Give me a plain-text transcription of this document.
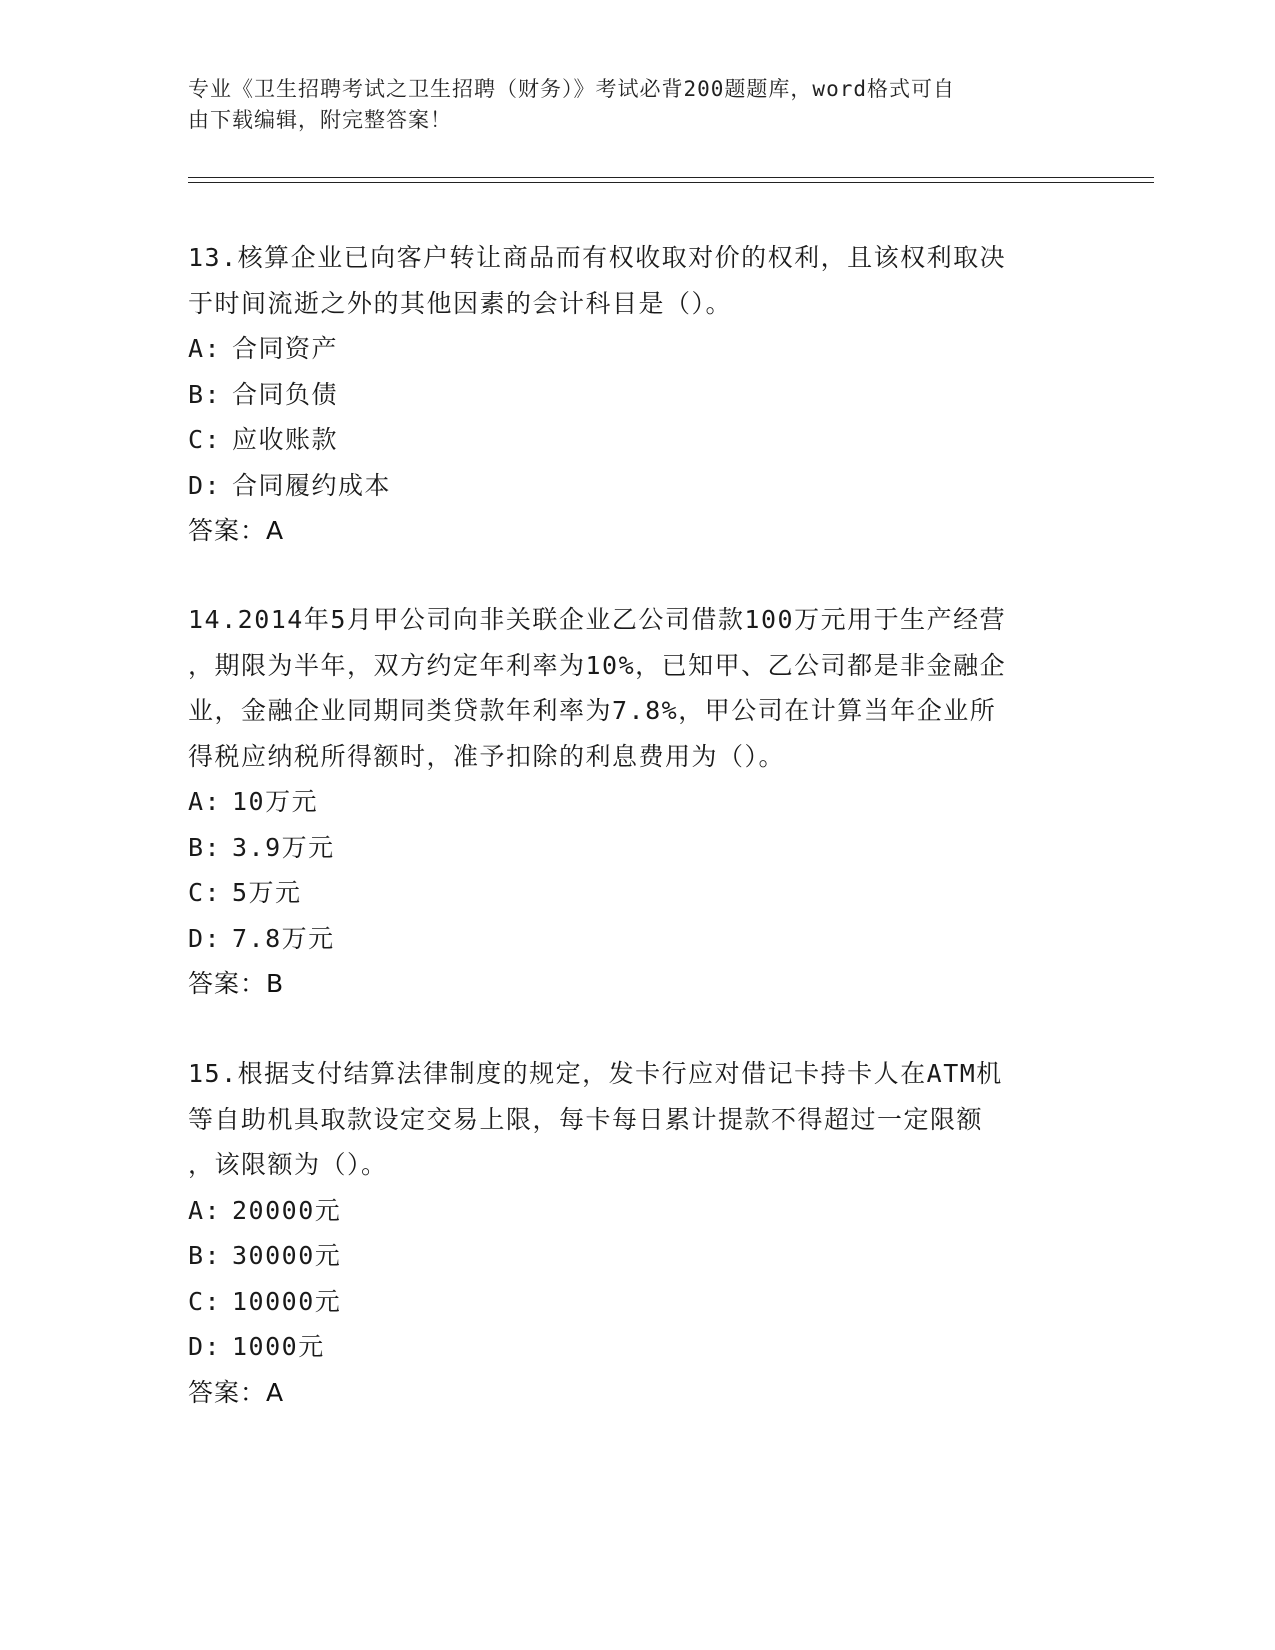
专业《卫生招聘考试之卫生招聘（财务）》考试必背200题题库，word格式可自
由下载编辑，附完整答案！

13.核算企业已向客户转让商品而有权收取对价的权利，且该权利取决

于时间流逝之外的其他因素的会计科目是（）。

A: 合同资产

B: 合同负债

C: 应收账款

D: 合同履约成本

答案：A

14.2014年5月甲公司向非关联企业乙公司借款100万元用于生产经营

，期限为半年，双方约定年利率为10%，已知甲、乙公司都是非金融企

业，金融企业同期同类贷款年利率为7.8%，甲公司在计算当年企业所

得税应纳税所得额时，准予扣除的利息费用为（）。

A: 10万元

B: 3.9万元

C: 5万元

D: 7.8万元

答案：B

15.根据支付结算法律制度的规定，发卡行应对借记卡持卡人在ATM机

等自助机具取款设定交易上限，每卡每日累计提款不得超过一定限额

，该限额为（）。

A: 20000元

B: 30000元

C: 10000元

D: 1000元

答案：A
